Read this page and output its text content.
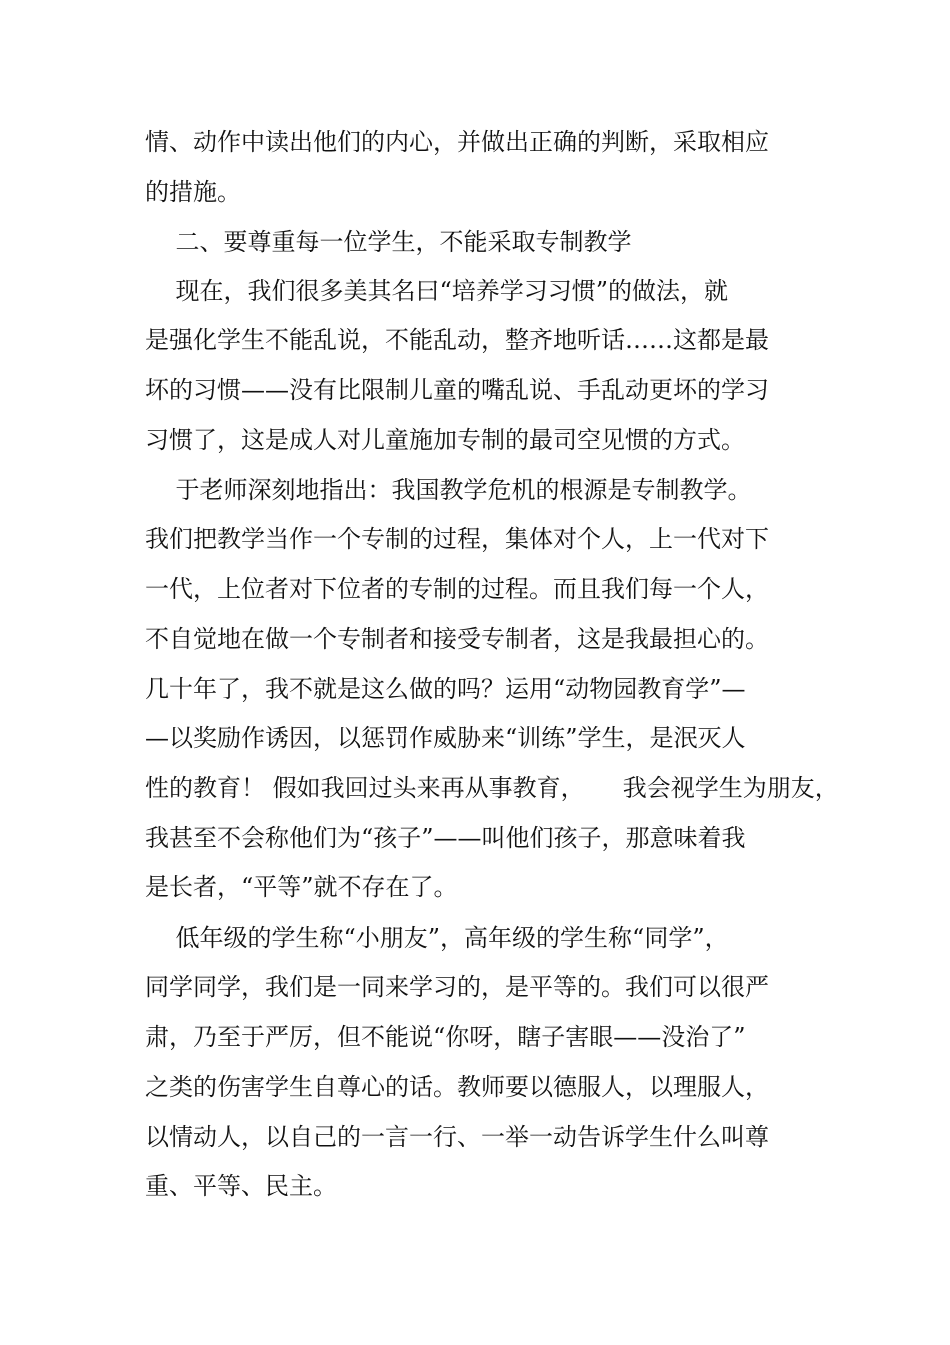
情、动作中读出他们的内心，并做出正确的判断，采取相应
的措施。
二、要尊重每一位学生，不能采取专制教学
现在，我们很多美其名曰“培养学习习惯”的做法，就
是强化学生不能乱说，不能乱动，整齐地听话……这都是最
坏的习惯——没有比限制儿童的嘴乱说、手乱动更坏的学习
习惯了，这是成人对儿童施加专制的最司空见惯的方式。
于老师深刻地指出：我国教学危机的根源是专制教学。
我们把教学当作一个专制的过程，集体对个人，上一代对下
一代，上位者对下位者的专制的过程。而且我们每一个人，
不自觉地在做一个专制者和接受专制者，这是我最担心的。
几十年了，我不就是这么做的吗？运用“动物园教育学”—
—以奖励作诱因，以惩罚作威胁来“训练”学生，是泯灭人
性的教育！ 假如我回过头来再从事教育，     我会视学生为朋友，
我甚至不会称他们为“孩子”——叫他们孩子，那意味着我
是长者，“平等”就不存在了。
低年级的学生称“小朋友”，高年级的学生称“同学”，
同学同学，我们是一同来学习的，是平等的。我们可以很严
肃，乃至于严厉，但不能说“你呀，瞎子害眼——没治了”
之类的伤害学生自尊心的话。教师要以德服人，以理服人，
以情动人，以自己的一言一行、一举一动告诉学生什么叫尊
重、平等、民主。
